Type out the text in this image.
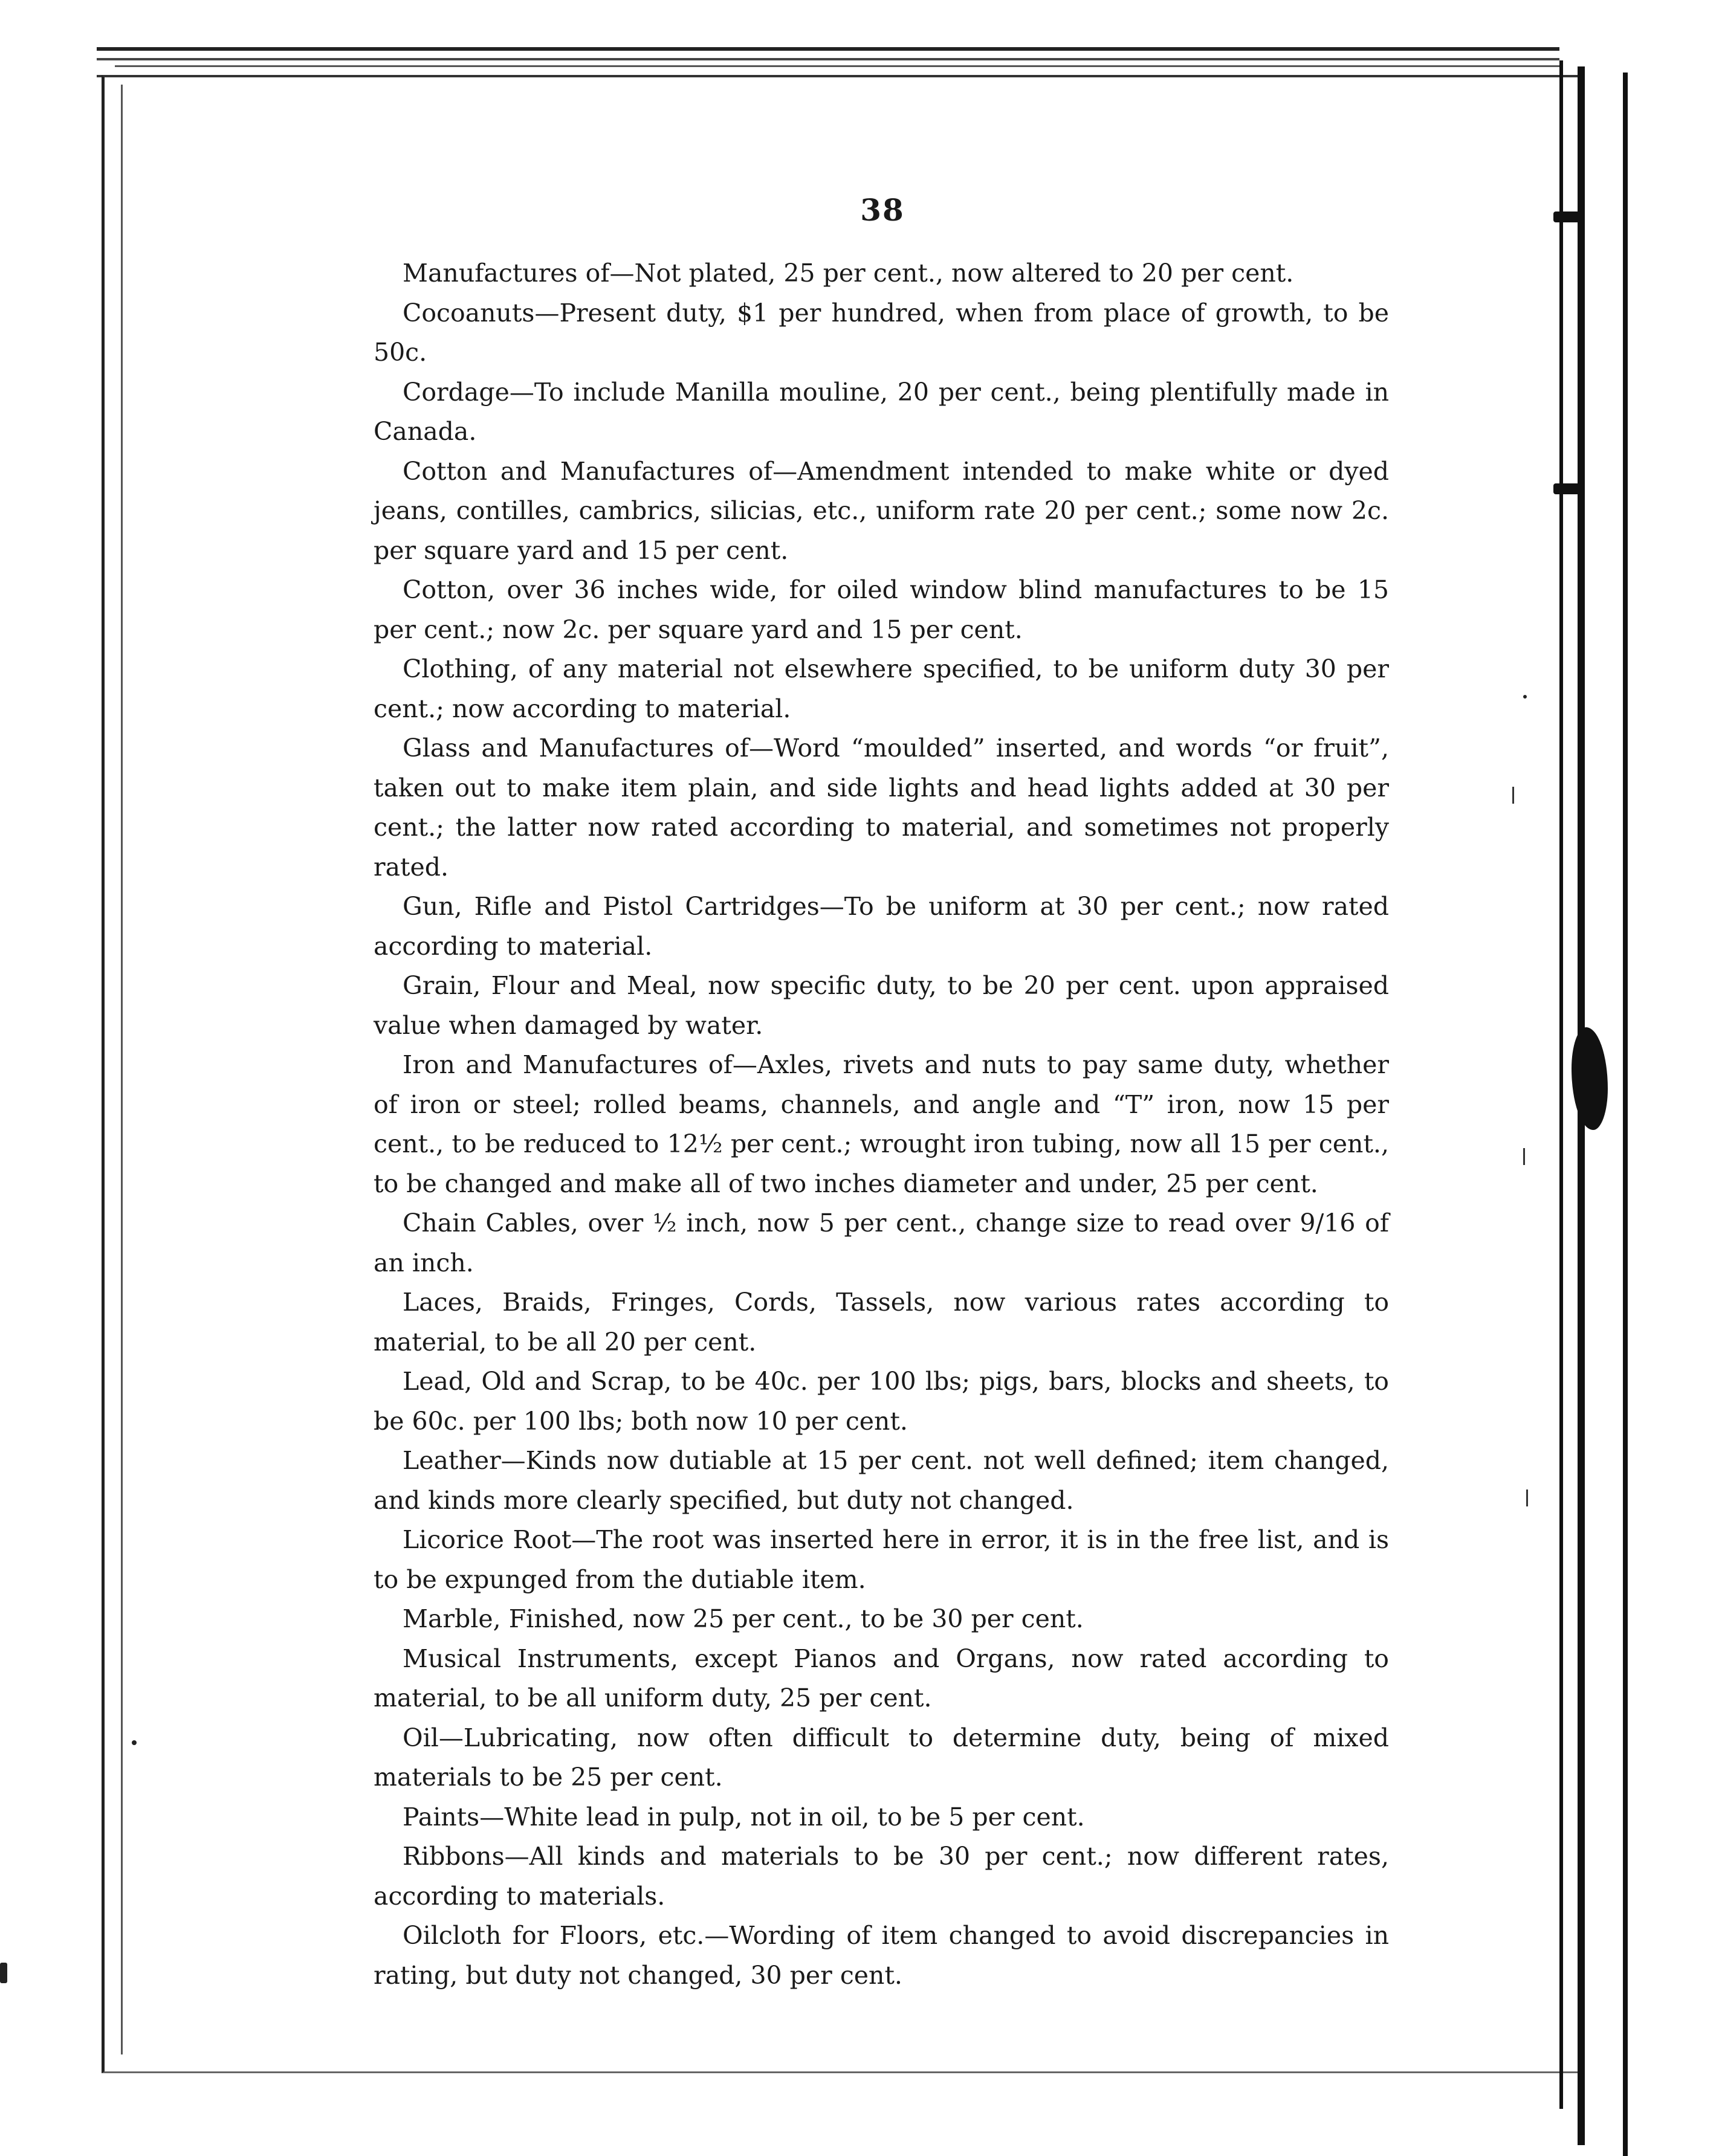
38

Manufactures of—Not plated, 25 per cent., now altered to 20 per cent.

Cocoanuts—Present duty, $1 per hundred, when from place of growth, to be 50c.

Cordage—To include Manilla mouline, 20 per cent., being plentifully made in Canada.

Cotton and Manufactures of—Amendment intended to make white or dyed jeans, contilles, cambrics, silicias, etc., uniform rate 20 per cent.; some now 2c. per square yard and 15 per cent.

Cotton, over 36 inches wide, for oiled window blind manufactures to be 15 per cent.; now 2c. per square yard and 15 per cent.

Clothing, of any material not elsewhere specified, to be uniform duty 30 per cent.; now according to material.

Glass and Manufactures of—Word “moulded” inserted, and words “or fruit”, taken out to make item plain, and side lights and head lights added at 30 per cent.; the latter now rated according to material, and sometimes not properly rated.

Gun, Rifle and Pistol Cartridges—To be uniform at 30 per cent.; now rated according to material.

Grain, Flour and Meal, now specific duty, to be 20 per cent. upon appraised value when damaged by water.

Iron and Manufactures of—Axles, rivets and nuts to pay same duty, whether of iron or steel; rolled beams, channels, and angle and “T” iron, now 15 per cent., to be reduced to 12½ per cent.; wrought iron tubing, now all 15 per cent., to be changed and make all of two inches diameter and under, 25 per cent.

Chain Cables, over ½ inch, now 5 per cent., change size to read over 9/16 of an inch.

Laces, Braids, Fringes, Cords, Tassels, now various rates according to material, to be all 20 per cent.

Lead, Old and Scrap, to be 40c. per 100 lbs; pigs, bars, blocks and sheets, to be 60c. per 100 lbs; both now 10 per cent.

Leather—Kinds now dutiable at 15 per cent. not well defined; item changed, and kinds more clearly specified, but duty not changed.

Licorice Root—The root was inserted here in error, it is in the free list, and is to be expunged from the dutiable item.

Marble, Finished, now 25 per cent., to be 30 per cent.

Musical Instruments, except Pianos and Organs, now rated according to material, to be all uniform duty, 25 per cent.

Oil—Lubricating, now often difficult to determine duty, being of mixed materials to be 25 per cent.

Paints—White lead in pulp, not in oil, to be 5 per cent.

Ribbons—All kinds and materials to be 30 per cent.; now different rates, according to materials.

Oilcloth for Floors, etc.—Wording of item changed to avoid discrepancies in rating, but duty not changed, 30 per cent.
